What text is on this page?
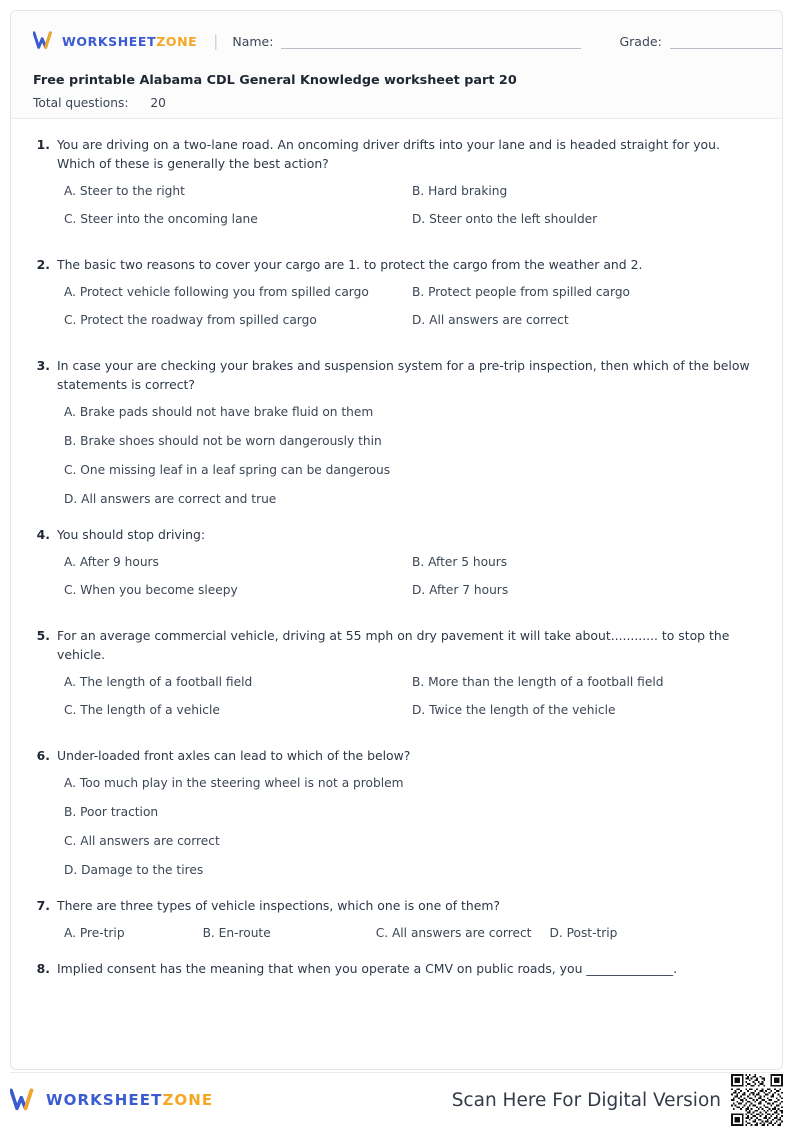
WORKSHEETZONE | Name:	Grade:
Free printable Alabama CDL General Knowledge worksheet part 20
Total questions: 20
1. You are driving on a two-lane road. An oncoming driver drifts into your lane and is headed straight for you. Which of these is generally the best action?
A. Steer to the right	B. Hard braking
C. Steer into the oncoming lane	D. Steer onto the left shoulder
2. The basic two reasons to cover your cargo are 1. to protect the cargo from the weather and 2.
A. Protect vehicle following you from spilled cargo	B. Protect people from spilled cargo
C. Protect the roadway from spilled cargo	D. All answers are correct
3. In case your are checking your brakes and suspension system for a pre-trip inspection, then which of the below statements is correct?
A. Brake pads should not have brake fluid on them
B. Brake shoes should not be worn dangerously thin
C. One missing leaf in a leaf spring can be dangerous
D. All answers are correct and true
4. You should stop driving:
A. After 9 hours	B. After 5 hours
C. When you become sleepy	D. After 7 hours
5. For an average commercial vehicle, driving at 55 mph on dry pavement it will take about............ to stop the vehicle.
A. The length of a football field	B. More than the length of a football field
C. The length of a vehicle	D. Twice the length of the vehicle
6. Under-loaded front axles can lead to which of the below?
A. Too much play in the steering wheel is not a problem
B. Poor traction
C. All answers are correct
D. Damage to the tires
7. There are three types of vehicle inspections, which one is one of them?
A. Pre-trip	B. En-route	C. All answers are correct D. Post-trip
8. Implied consent has the meaning that when you operate a CMV on public roads, you ______________.
WORKSHEETZONE	Scan Here For Digital Version
